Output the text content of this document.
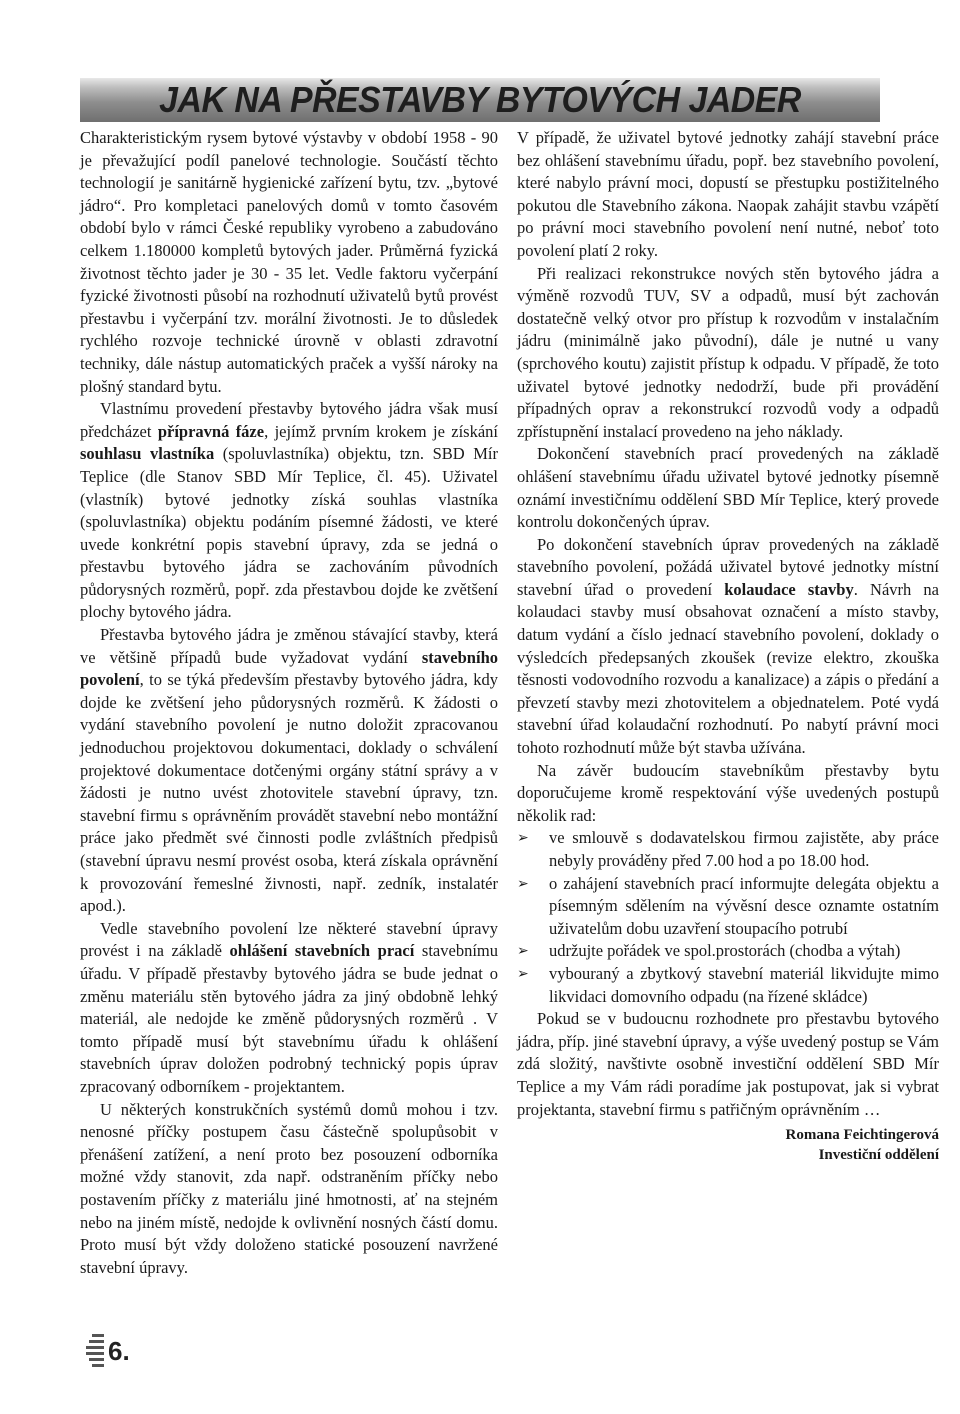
JAK NA PŘESTAVBY BYTOVÝCH JADER

Charakteristickým rysem bytové výstavby v období 1958 - 90 je převažující podíl panelové technologie. Součástí těchto technologií je sanitárně hygienické zařízení bytu, tzv. „bytové jádro“. Pro kompletaci panelových domů v tomto časovém období bylo v rámci České republiky vyrobeno a zabudováno celkem 1.180000 kompletů bytových jader. Průměrná fyzická životnost těchto jader je 30 - 35 let. Vedle faktoru vyčerpání fyzické životnosti působí na rozhodnutí uživatelů bytů provést přestavbu i vyčerpání tzv. morální životnosti. Je to důsledek rychlého rozvoje technické úrovně v oblasti zdravotní techniky, dále nástup automatických praček a vyšší nároky na plošný standard bytu.

Vlastnímu provedení přestavby bytového jádra však musí předcházet přípravná fáze, jejímž prvním krokem je získání souhlasu vlastníka (spoluvlastníka) objektu, tzn. SBD Mír Teplice (dle Stanov SBD Mír Teplice, čl. 45). Uživatel (vlastník) bytové jednotky získá souhlas vlastníka (spoluvlastníka) objektu podáním písemné žádosti, ve které uvede konkrétní popis stavební úpravy, zda se jedná o přestavbu bytového jádra se zachováním původních půdorysných rozměrů, popř. zda přestavbou dojde ke zvětšení plochy bytového jádra.

Přestavba bytového jádra je změnou stávající stavby, která ve většině případů bude vyžadovat vydání stavebního povolení, to se týká především přestavby bytového jádra, kdy dojde ke zvětšení jeho půdorysných rozměrů. K žádosti o vydání stavebního povolení je nutno doložit zpracovanou jednoduchou projektovou dokumentaci, doklady o schválení projektové dokumentace dotčenými orgány státní správy a v žádosti je nutno uvést zhotovitele stavební úpravy, tzn. stavební firmu s oprávněním provádět stavební nebo montážní práce jako předmět své činnosti podle zvláštních předpisů (stavební úpravu nesmí provést osoba, která získala oprávnění k provozování řemeslné živnosti, např. zedník, instalatér apod.).

Vedle stavebního povolení lze některé stavební úpravy provést i na základě ohlášení stavebních prací stavebnímu úřadu. V případě přestavby bytového jádra se bude jednat o změnu materiálu stěn bytového jádra za jiný obdobně lehký materiál, ale nedojde ke změně půdorysných rozměrů . V tomto případě musí být stavebnímu úřadu k ohlášení stavebních úprav doložen podrobný technický popis úprav zpracovaný odborníkem - projektantem.

U některých konstrukčních systémů domů mohou i tzv. nenosné příčky postupem času částečně spolupůsobit v přenášení zatížení, a není proto bez posouzení odborníka možné vždy stanovit, zda např. odstraněním příčky nebo postavením příčky z materiálu jiné hmotnosti, ať na stejném nebo na jiném místě, nedojde k ovlivnění nosných částí domu. Proto musí být vždy doloženo statické posouzení navržené stavební úpravy.

V případě, že uživatel bytové jednotky zahájí stavební práce bez ohlášení stavebnímu úřadu, popř. bez stavebního povolení, které nabylo právní moci, dopustí se přestupku postižitelného pokutou dle Stavebního zákona. Naopak zahájit stavbu vzápětí po právní moci stavebního povolení není nutné, neboť toto povolení platí 2 roky.

Při realizaci rekonstrukce nových stěn bytového jádra a výměně rozvodů TUV, SV a odpadů, musí být zachován dostatečně velký otvor pro přístup k rozvodům v instalačním jádru (minimálně jako původní), dále je nutné u vany (sprchového koutu) zajistit přístup k odpadu. V případě, že toto uživatel bytové jednotky nedodrží, bude při provádění případných oprav a rekonstrukcí rozvodů vody a odpadů zpřístupnění instalací provedeno na jeho náklady.

Dokončení stavebních prací provedených na základě ohlášení stavebnímu úřadu uživatel bytové jednotky písemně oznámí investičnímu oddělení SBD Mír Teplice, který provede kontrolu dokončených úprav.

Po dokončení stavebních úprav provedených na základě stavebního povolení, požádá uživatel bytové jednotky místní stavební úřad o provedení kolaudace stavby. Návrh na kolaudaci stavby musí obsahovat označení a místo stavby, datum vydání a číslo jednací stavebního povolení, doklady o výsledcích předepsaných zkoušek (revize elektro, zkouška těsnosti vodovodního rozvodu a kanalizace) a zápis o předání a převzetí stavby mezi zhotovitelem a objednatelem. Poté vydá stavební úřad kolaudační rozhodnutí. Po nabytí právní moci tohoto rozhodnutí může být stavba užívána.

Na závěr budoucím stavebníkům přestavby bytu doporučujeme kromě respektování výše uvedených postupů několik rad:

➢	ve smlouvě s dodavatelskou firmou zajistěte, aby práce nebyly prováděny před 7.00 hod a po 18.00 hod.
➢	o zahájení stavebních prací informujte delegáta objektu a písemným sdělením na vývěsní desce oznamte ostatním uživatelům dobu uzavření stoupacího potrubí
➢	udržujte pořádek ve spol.prostorách (chodba a výtah)
➢	vybouraný a zbytkový stavební materiál likvidujte mimo likvidaci domovního odpadu (na řízené skládce)

Pokud se v budoucnu rozhodnete pro přestavbu bytového jádra, příp. jiné stavební úpravy, a výše uvedený postup se Vám zdá složitý, navštivte osobně investiční oddělení SBD Mír Teplice a my Vám rádi poradíme jak postupovat, jak si vybrat projektanta, stavební firmu s patřičným oprávněním …

Romana Feichtingerová
Investiční oddělení
6.
